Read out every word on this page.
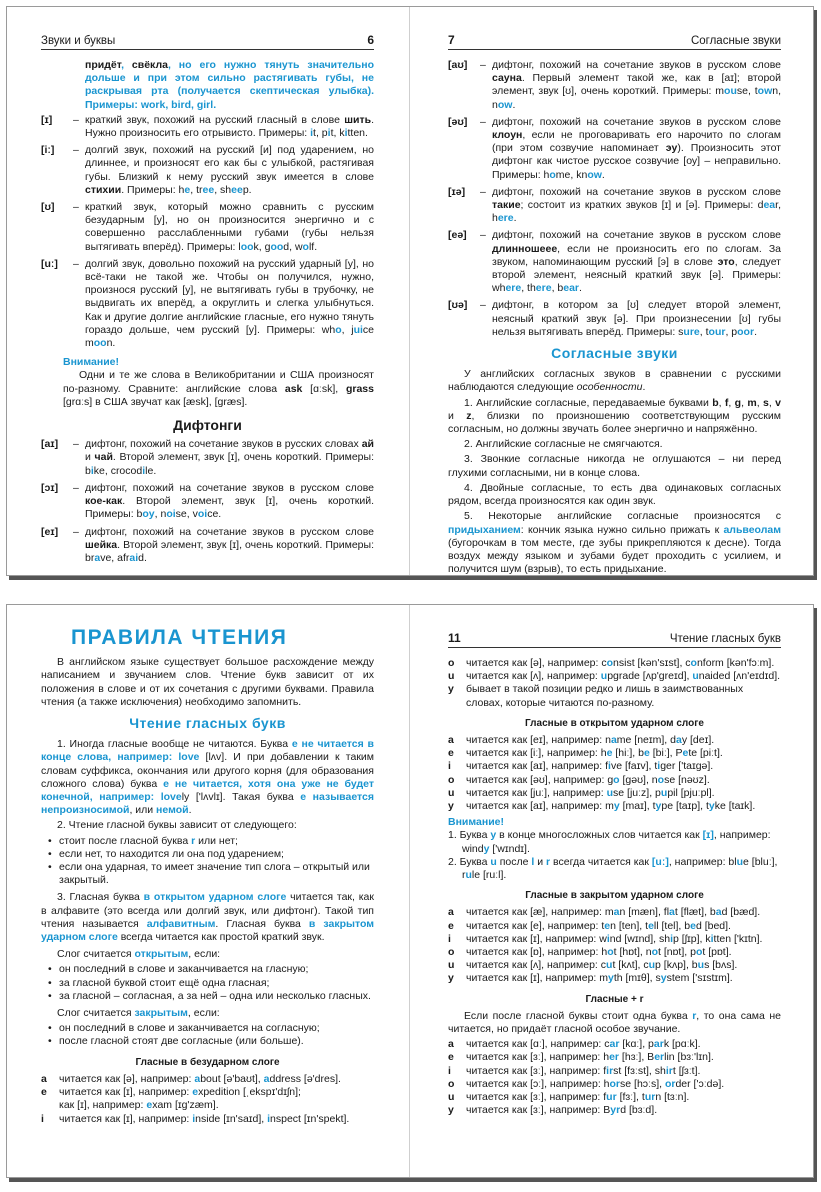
Звуки и буквы	6

придёт, свёкла, но его нужно тянуть значительно дольше и при этом сильно растягивать губы, не раскрывая рта (получается скептическая улыбка). Примеры: work, bird, girl.

[ɪ]	– краткий звук, похожий на русский гласный в слове шить. Нужно произносить его отрывисто. Примеры: it, pit, kitten.
[iː]	– долгий звук, похожий на русский [и] под ударением, но длиннее, и произносят его как бы с улыбкой, растягивая губы. Близкий к нему русский звук имеется в слове стихии. Примеры: he, tree, sheep.
[ʊ]	– краткий звук, который можно сравнить с русским безударным [у], но он произносится энергично и с совершенно расслабленными губами (губы нельзя вытягивать вперёд). Примеры: look, good, wolf.
[uː]	– долгий звук, довольно похожий на русский ударный [у], но всё-таки не такой же. Чтобы он получился, нужно, произнося русский [у], не вытягивать губы в трубочку, не выдвигать их вперёд, а округлить и слегка улыбнуться. Как и другие долгие английские гласные, его нужно тянуть гораздо дольше, чем русский [у]. Примеры: who, juice moon.
Внимание!

Одни и те же слова в Великобритании и США произносят по-разному. Сравните: английские слова ask [ɑːsk], grass [grɑːs] в США звучат как [æsk], [græs].

Дифтонги
[aɪ]	– дифтонг, похожий на сочетание звуков в русских словах ай и чай. Второй элемент, звук [ɪ], очень короткий. Примеры: bike, crocodile.
[ɔɪ]	– дифтонг, похожий на сочетание звуков в русском слове кое-как. Второй элемент, звук [ɪ], очень короткий. Примеры: boy, noise, voice.
[eɪ]	– дифтонг, похожий на сочетание звуков в русском слове шейка. Второй элемент, звук [ɪ], очень короткий. Примеры: brave, afraid.
7	Согласные звуки
[aʊ]	– дифтонг, похожий на сочетание звуков в русском слове сауна. Первый элемент такой же, как в [aɪ]; второй элемент, звук [ʊ], очень короткий. Примеры: mouse, town, now.
[əʊ]	– дифтонг, похожий на сочетание звуков в русском слове клоун, если не проговаривать его нарочито по слогам (при этом созвучие напоминает эу). Произносить этот дифтонг как чистое русское созвучие [оу] – неправильно. Примеры: home, know.
[ɪə]	– дифтонг, похожий на сочетание звуков в русском слове такие; состоит из кратких звуков [ɪ] и [ə]. Примеры: dear, here.
[eə]	– дифтонг, похожий на сочетание звуков в русском слове длинношеее, если не произносить его по слогам. За звуком, напоминающим русский [э] в слове это, следует второй элемент, неясный краткий звук [ə]. Примеры: where, there, bear.
[ʊə]	– дифтонг, в котором за [ʊ] следует второй элемент, неясный краткий звук [ə]. При произнесении [ʊ] губы нельзя вытягивать вперёд. Примеры: sure, tour, poor.
Согласные звуки

У английских согласных звуков в сравнении с русскими наблюдаются следующие особенности.

1. Английские согласные, передаваемые буквами b, f, g, m, s, v и z, близки по произношению соответствующим русским согласным, но должны звучать более энергично и напряжённо.

2. Английские согласные не смягчаются.

3. Звонкие согласные никогда не оглушаются – ни перед глухими согласными, ни в конце слова.

4. Двойные согласные, то есть два одинаковых согласных рядом, всегда произносятся как один звук.

5. Некоторые английские согласные произносятся с придыханием: кончик языка нужно сильно прижать к альвеолам (бугорочкам в том месте, где зубы прикрепляются к десне). Тогда воздух между языком и зубами будет проходить с усилием, и получится шум (взрыв), то есть придыхание.

ПРАВИЛА ЧТЕНИЯ

В английском языке существует большое расхождение между написанием и звучанием слов. Чтение букв зависит от их положения в слове и от их сочетания с другими буквами. Правила чтения (а также исключения) необходимо запомнить.

Чтение гласных букв

1. Иногда гласные вообще не читаются. Буква e не читается в конце слова, например: love [lʌv]. И при добавлении к таким словам суффикса, окончания или другого корня (для образования сложного слова) буква e не читается, хотя она уже не будет конечной, например: lovely ['lʌvlɪ]. Такая буква e называется непроизносимой, или немой.

2. Чтение гласной буквы зависит от следующего:

• стоит после гласной буква r или нет;
• если нет, то находится ли она под ударением;
• если она ударная, то имеет значение тип слога – открытый или закрытый.

3. Гласная буква в открытом ударном слоге читается так, как в алфавите (это всегда или долгий звук, или дифтонг). Такой тип чтения называется алфавитным. Гласная буква в закрытом ударном слоге всегда читается как простой краткий звук.

Слог считается открытым, если:

• он последний в слове и заканчивается на гласную;
• за гласной буквой стоит ещё одна гласная;
• за гласной – согласная, а за ней – одна или несколько гласных.

Слог считается закрытым, если:

• он последний в слове и заканчивается на согласную;
• после гласной стоят две согласные (или больше).
Гласные в безударном слоге
a	читается как [ə], например: about [ə'baʊt], address [ə'dres].
e	читается как [ɪ], например: expedition [ˌekspɪ'dɪʃn];
как [ɪ], например: exam [ɪg'zæm].
i	читается как [ɪ], например: inside [ɪn'saɪd], inspect [ɪn'spekt].
11	Чтение гласных букв
o	читается как [ə], например: consist [kən'sɪst], conform [kən'fɔːm].
u	читается как [ʌ], например: upgrade [ʌp'greɪd], unaided [ʌn'eɪdɪd].
y	бывает в такой позиции редко и лишь в заимствованных словах, которые читаются по-разному.
Гласные в открытом ударном слоге
a	читается как [eɪ], например: name [neɪm], day [deɪ].
e	читается как [iː], например: he [hiː], be [biː], Pete [piːt].
i	читается как [aɪ], например: five [faɪv], tiger ['taɪgə].
o	читается как [əʊ], например: go [gəʊ], nose [nəʊz].
u	читается как [juː], например: use [juːz], pupil [pjuːpl].
y	читается как [aɪ], например: my [maɪ], type [taɪp], tyke [taɪk].
Внимание!
1. Буква y в конце многосложных слов читается как [ɪ], например: windy ['wɪndɪ].
2. Буква u после l и r всегда читается как [uː], например: blue [bluː], rule [ruːl].
Гласные в закрытом ударном слоге
a	читается как [æ], например: man [mæn], flat [flæt], bad [bæd].
e	читается как [e], например: ten [ten], tell [tel], bed [bed].
i	читается как [ɪ], например: wind [wɪnd], ship [ʃɪp], kitten ['kɪtn].
o	читается как [ɒ], например: hot [hɒt], not [nɒt], pot [pɒt].
u	читается как [ʌ], например: cut [kʌt], cup [kʌp], bus [bʌs].
y	читается как [ɪ], например: myth [mɪθ], system ['sɪstɪm].
Гласные + r

Если после гласной буквы стоит одна буква r, то она сама не читается, но придаёт гласной особое звучание.

a	читается как [ɑː], например: car [kɑː], park [pɑːk].
e	читается как [ɜː], например: her [hɜː], Berlin [bɜː'lɪn].
i	читается как [ɜː], например: first [fɜːst], shirt [ʃɜːt].
o	читается как [ɔː], например: horse [hɔːs], order ['ɔːdə].
u	читается как [ɜː], например: fur [fɜː], turn [tɜːn].
y	читается как [ɜː], например: Byrd [bɜːd].
